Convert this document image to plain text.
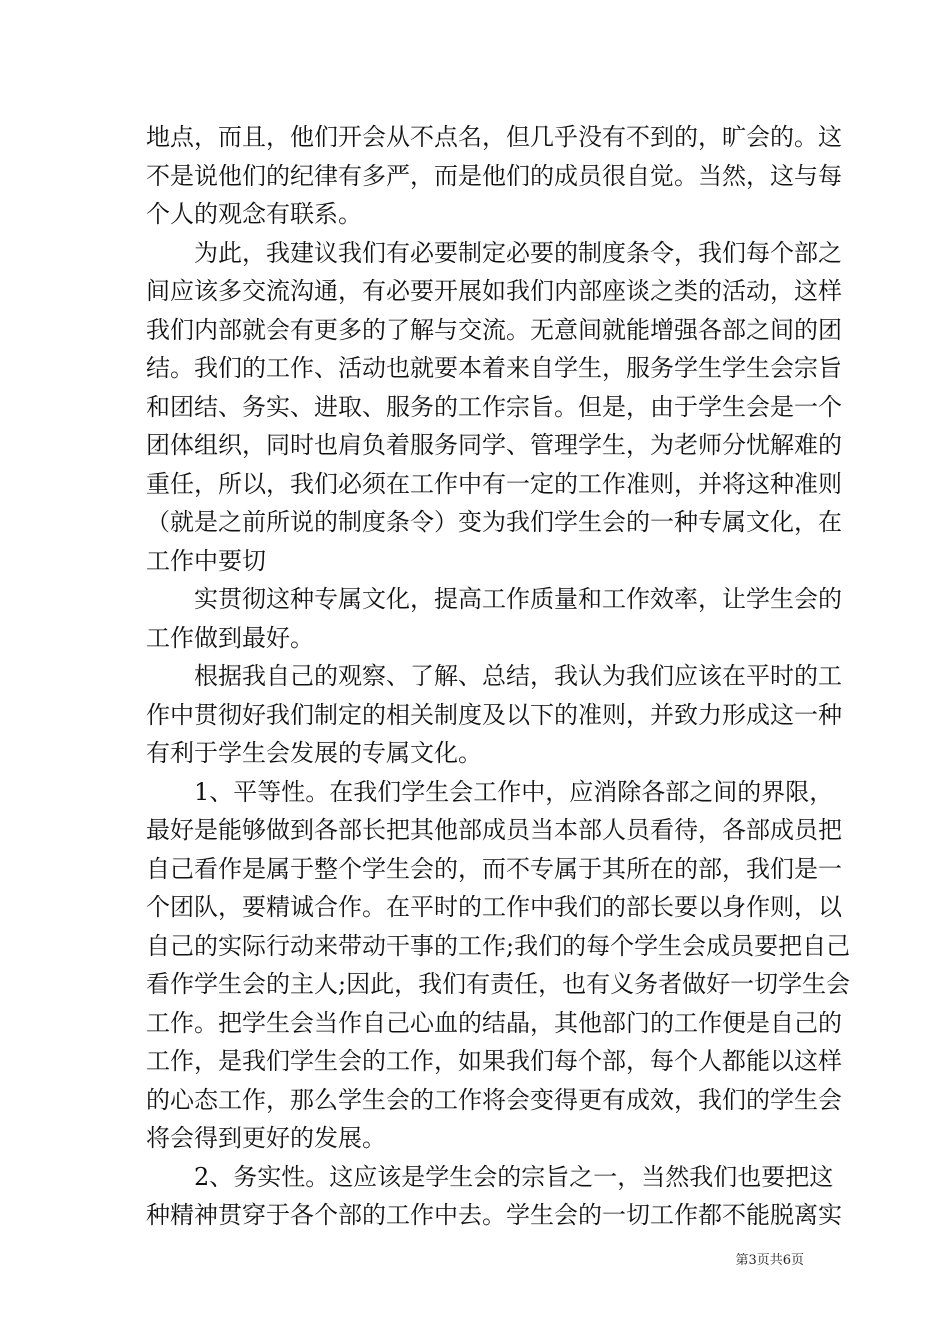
地点，而且，他们开会从不点名，但几乎没有不到的，旷会的。这
不是说他们的纪律有多严，而是他们的成员很自觉。当然，这与每
个人的观念有联系。
为此，我建议我们有必要制定必要的制度条令，我们每个部之
间应该多交流沟通，有必要开展如我们内部座谈之类的活动，这样
我们内部就会有更多的了解与交流。无意间就能增强各部之间的团
结。我们的工作、活动也就要本着来自学生，服务学生学生会宗旨
和团结、务实、进取、服务的工作宗旨。但是，由于学生会是一个
团体组织，同时也肩负着服务同学、管理学生，为老师分忧解难的
重任，所以，我们必须在工作中有一定的工作准则，并将这种准则
（就是之前所说的制度条令）变为我们学生会的一种专属文化，在
工作中要切
实贯彻这种专属文化，提高工作质量和工作效率，让学生会的
工作做到最好。
根据我自己的观察、了解、总结，我认为我们应该在平时的工
作中贯彻好我们制定的相关制度及以下的准则，并致力形成这一种
有利于学生会发展的专属文化。
1、平等性。在我们学生会工作中，应消除各部之间的界限，
最好是能够做到各部长把其他部成员当本部人员看待，各部成员把
自己看作是属于整个学生会的，而不专属于其所在的部，我们是一
个团队，要精诚合作。在平时的工作中我们的部长要以身作则，以
自己的实际行动来带动干事的工作;我们的每个学生会成员要把自己
看作学生会的主人;因此，我们有责任，也有义务者做好一切学生会
工作。把学生会当作自己心血的结晶，其他部门的工作便是自己的
工作，是我们学生会的工作，如果我们每个部，每个人都能以这样
的心态工作，那么学生会的工作将会变得更有成效，我们的学生会
将会得到更好的发展。
2、务实性。这应该是学生会的宗旨之一，当然我们也要把这
种精神贯穿于各个部的工作中去。学生会的一切工作都不能脱离实
第3页共6页
